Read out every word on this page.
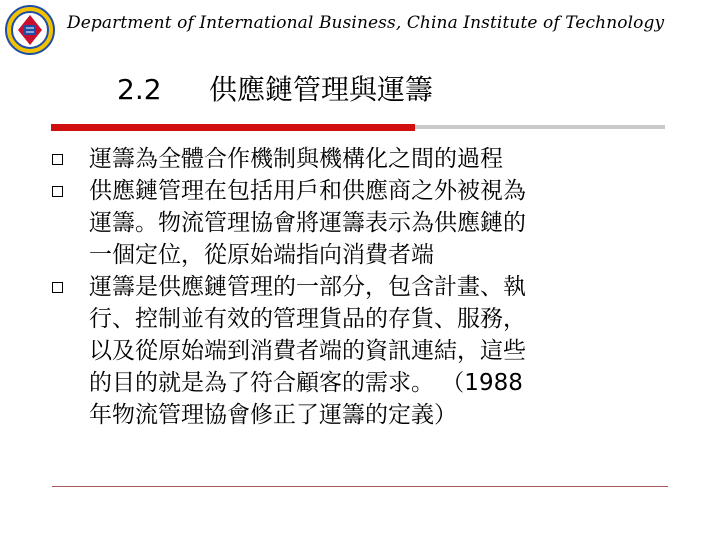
Department of International Business, China Institute of Technology
2.2 供應鏈管理與運籌
運籌為全體合作機制與機構化之間的過程
供應鏈管理在包括用戶和供應商之外被視為
運籌。物流管理協會將運籌表示為供應鏈的
一個定位，從原始端指向消費者端
運籌是供應鏈管理的一部分，包含計畫、執
行、控制並有效的管理貨品的存貨、服務，
以及從原始端到消費者端的資訊連結，這些
的目的就是為了符合顧客的需求。 （1988
年物流管理協會修正了運籌的定義）
